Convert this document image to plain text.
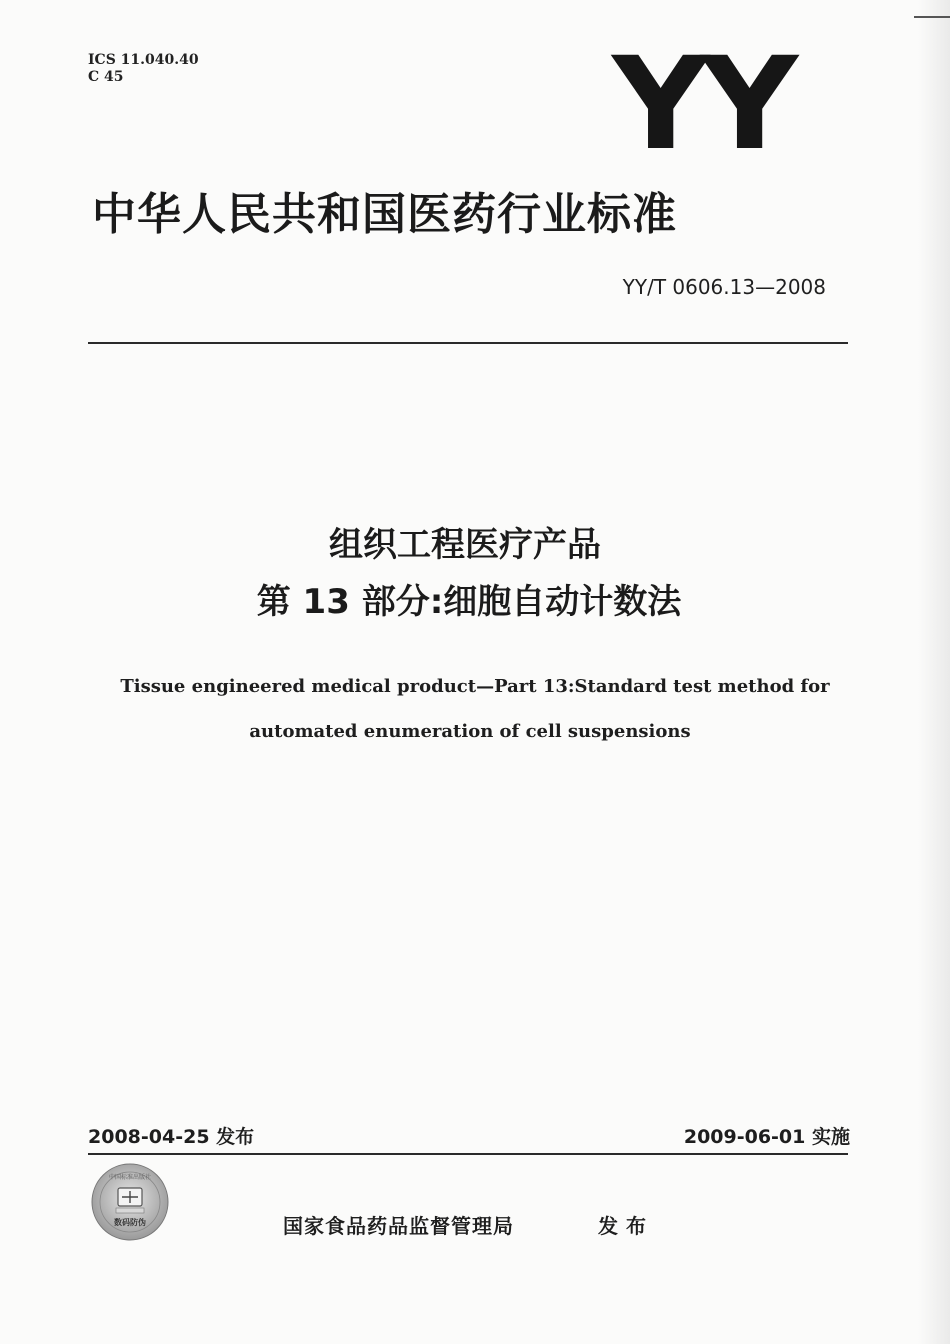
ICS 11.040.40
C 45	YY
中华人民共和国医药行业标准
YY/T 0606.13—2008
组织工程医疗产品
第 13 部分:细胞自动计数法
Tissue engineered medical product—Part 13:Standard test method for
automated enumeration of cell suspensions
2008-04-25 发布	2009-06-01 实施
中国标准出版社
数码防伪	国家食品药品监督管理局	发布
